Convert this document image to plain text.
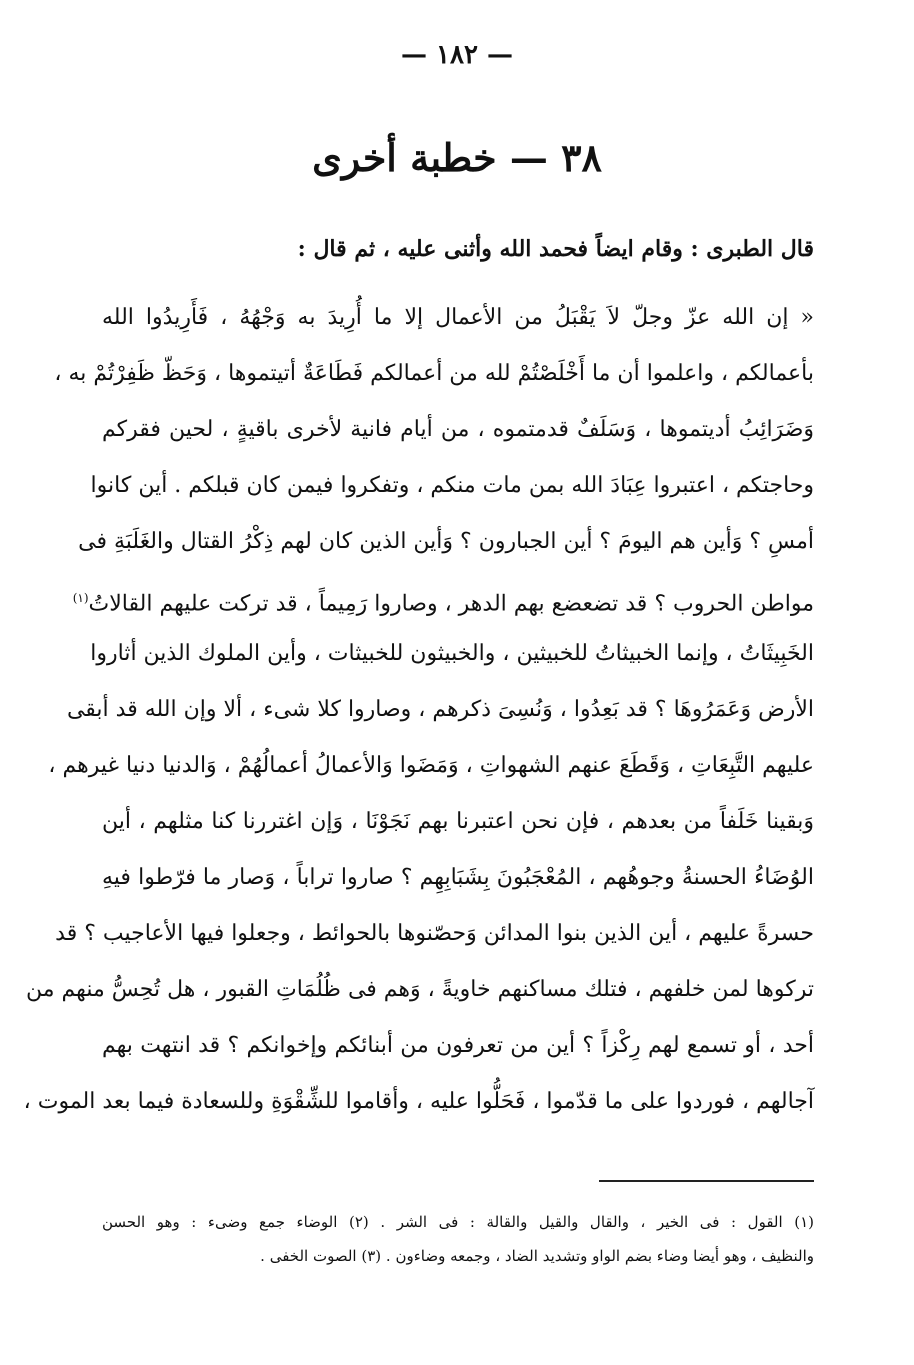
— ١٨٢ —
٣٨ — خطبة أخرى
قال الطبرى : وقام ايضاً فحمد الله وأثنى عليه ، ثم قال :
« إن الله عزّ وجلّ لاَ يَقْبَلُ من الأعمال إلا ما أُرِيدَ به وَجْهُهُ ، فَأَرِيدُوا الله
بأعمالكم ، واعلموا أن ما أَخْلَصْتُمْ لله من أعمالكم فَطَاعَةٌ أتيتموها ، وَحَظّ ظَفِرْتُمْ به ،
وَضَرَائِبُ أديتموها ، وَسَلَفٌ قدمتموه ، من أيام فانية لأخرى باقيةٍ ، لحين فقركم
وحاجتكم ، اعتبروا عِبَادَ الله بمن مات منكم ، وتفكروا فيمن كان قبلكم . أين كانوا
أمسِ ؟ وَأين هم اليومَ ؟ أين الجبارون ؟ وَأين الذين كان لهم ذِكْرُ القتال والغَلَبَةِ فى
مواطن الحروب ؟ قد تضعضع بهم الدهر ، وصاروا رَمِيماً ، قد تركت عليهم القالاتُ$^{(١)}$
الخَبِيثَاتُ ، وإنما الخبيثاتُ للخبيثين ، والخبيثون للخبيثات ، وأين الملوك الذين أثاروا
الأرض وَعَمَرُوهَا ؟ قد بَعِدُوا ، وَنُسِىَ ذكرهم ، وصاروا كلا شىء ، ألا وإن الله قد أبقى
عليهم التَّبِعَاتِ ، وَقَطَعَ عنهم الشهواتِ ، وَمَضَوا وَالأعمالُ أعمالُهُمْ ، وَالدنيا دنيا غيرهم ،
وَبقينا خَلَفاً من بعدهم ، فإن نحن اعتبرنا بهم نَجَوْنَا ، وَإن اغتررنا كنا مثلهم ، أين
الوُضَاءُ الحسنةُ وجوهُهم ، المُعْجَبُونَ بِشَبَابِهِم ؟ صاروا تراباً ، وَصار ما فرّطوا فيهِ
حسرةً عليهم ، أين الذين بنوا المدائن وَحصّنوها بالحوائط ، وجعلوا فيها الأعاجيب ؟ قد
تركوها لمن خلفهم ، فتلك مساكنهم خاويةً ، وَهم فى ظُلُمَاتِ القبور ، هل تُحِسُّ منهم من
أحد ، أو تسمع لهم رِكْزاً ؟ أين من تعرفون من أبنائكم وإخوانكم ؟ قد انتهت بهم
آجالهم ، فوردوا على ما قدّموا ، فَحَلُّوا عليه ، وأقاموا للشِّقْوَةِ وللسعادة فيما بعد الموت ،
(١) القول : فى الخير ، والقال والقيل والقالة : فى الشر . (٢) الوضاء جمع وضىء : وهو الحسن
والنظيف ، وهو أيضا وضاء بضم الواو وتشديد الضاد ، وجمعه وضاءون . (٣) الصوت الخفى .
